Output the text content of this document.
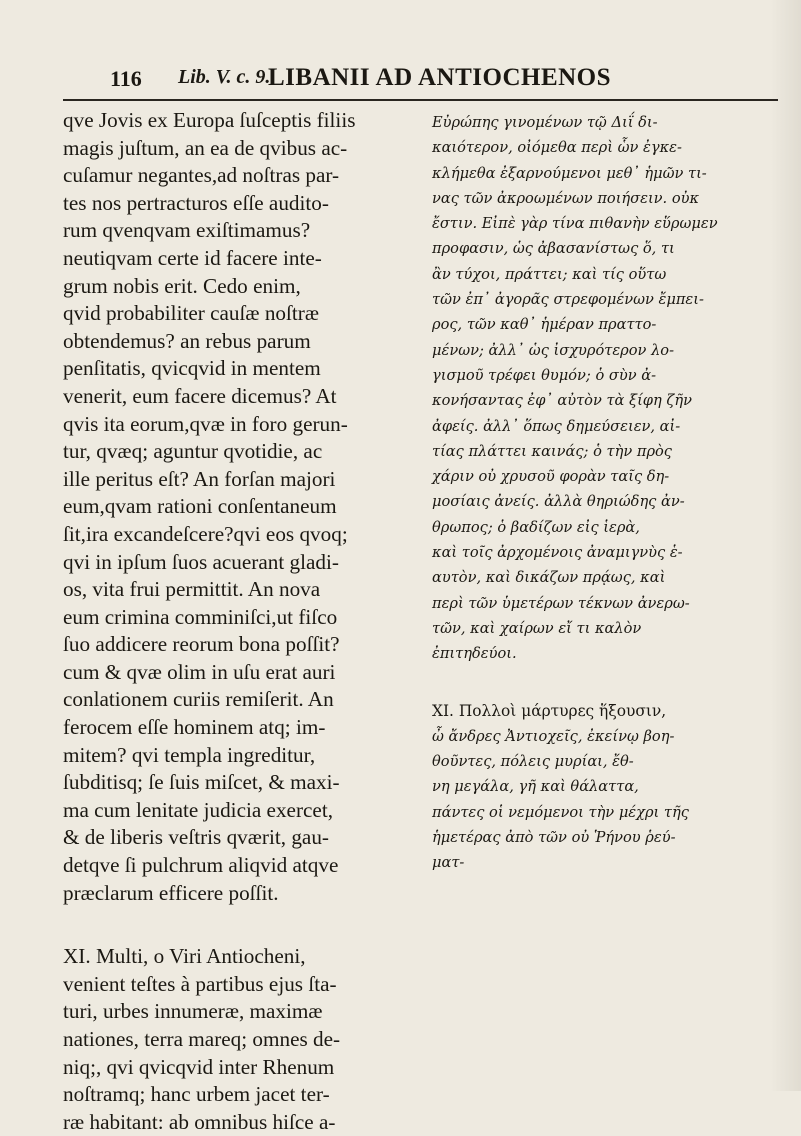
116 Lib. V. c. 9.
LIBANII AD ANTIOCHENOS
qve Jovis ex Europa ſuſceptis filiis
magis juſtum, an ea de qvibus ac-
cuſamur negantes,ad noſtras par-
tes nos pertracturos eſſe audito-
rum qvenqvam exiſtimamus?
neutiqvam certe id facere inte-
grum nobis erit. Cedo enim,
qvid probabiliter cauſæ noſtræ
obtendemus? an rebus parum
penſitatis, qvicqvid in mentem
venerit, eum facere dicemus? At
qvis ita eorum,qvæ in foro gerun-
tur, qvæq; aguntur qvotidie, ac
ille peritus eſt? An forſan majori
eum,qvam rationi conſentaneum
ſit,ira excandeſcere?qvi eos qvoq;
qvi in ipſum ſuos acuerant gladi-
os, vita frui permittit. An nova
eum crimina comminiſci,ut fiſco
ſuo addicere reorum bona poſſit?
cum & qvæ olim in uſu erat auri
conlationem curiis remiſerit. An
ferocem eſſe hominem atq; im-
mitem? qvi templa ingreditur,
ſubditisq; ſe ſuis miſcet, & maxi-
ma cum lenitate judicia exercet,
& de liberis veſtris qværit, gau-
detqve ſi pulchrum aliqvid atqve
præclarum efficere poſſit.
XI. Multi, o Viri Antiocheni,
venient teſtes à partibus ejus ſta-
turi, urbes innumeræ, maximæ
nationes, terra mareq; omnes de-
niq;, qvi qvicqvid inter Rhenum
noſtramq; hanc urbem jacet ter-
ræ habitant: ab omnibus hiſce a-
Εὐρώπης γινομένων τῷ Διΐ δι-
καιότερον, οἰόμεθα περὶ ὧν ἐγκε-
κλήμεθα ἐξαρνούμενοι μεθ᾽ ἡμῶν τι-
νας τῶν ἀκροωμένων ποιήσειν. οὐκ
ἔστιν. Εἰπὲ γὰρ τίνα πιθανὴν εὕρωμεν
προφασιν, ὡς ἀβασανίστως ὅ, τι
ἂν τύχοι, πράττει; καὶ τίς οὕτω
τῶν ἐπ᾽ ἀγορᾶς στρεφομένων ἔμπει-
ρος, τῶν καθ᾽ ἡμέραν πραττο-
μένων; ἀλλ᾽ ὡς ἰσχυρότερον λο-
γισμοῦ τρέφει θυμόν; ὁ σὺν ἀ-
κονήσαντας ἐφ᾽ αὐτὸν τὰ ξίφη ζῆν
ἀφείς. ἀλλ᾽ ὅπως δημεύσειεν, αἰ-
τίας πλάττει καινάς; ὁ τὴν πρὸς
χάριν οὐ χρυσοῦ φορὰν ταῖς δη-
μοσίαις ἀνείς. ἀλλὰ θηριώδης ἀν-
θρωπος; ὁ βαδίζων εἰς ἱερὰ,
καὶ τοῖς ἀρχομένοις ἀναμιγνὺς ἑ-
αυτὸν, καὶ δικάζων πρᾴως, καὶ
περὶ τῶν ὑμετέρων τέκνων ἀνερω-
τῶν, καὶ χαίρων εἴ τι καλὸν
ἐπιτηδεύοι.
XI. Πολλοὶ μάρτυρες ἥξουσιν,
ὦ ἄνδρες Ἀντιοχεῖς, ἐκείνῳ βοη-
θοῦντες, πόλεις μυρίαι, ἔθ-
νη μεγάλα, γῆ καὶ θάλαττα,
πάντες οἱ νεμόμενοι τὴν μέχρι τῆς
ἡμετέρας ἀπὸ τῶν οὐ Ῥήνου ῥεύ-
ματ-
